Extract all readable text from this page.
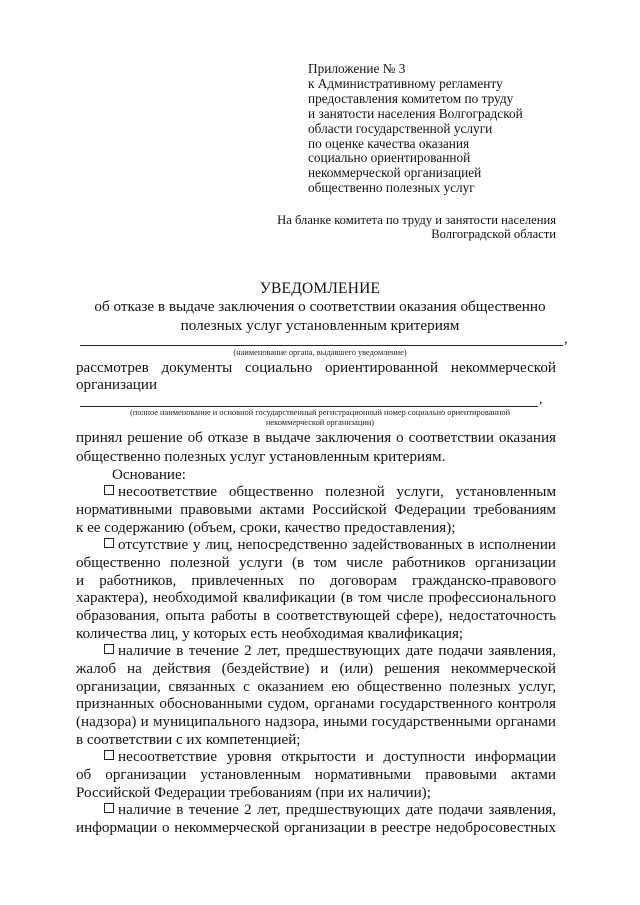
Приложение № 3
к Административному регламенту
предоставления комитетом по труду
и занятости населения Волгоградской
области государственной услуги
по оценке качества оказания
социально ориентированной
некоммерческой организацией
общественно полезных услуг
На бланке комитета по труду и занятости населения
Волгоградской области
УВЕДОМЛЕНИЕ
об отказе в выдаче заключения о соответствии оказания общественно
полезных услуг установленным критериям
,
(наименование органа, выдавшего уведомление)
рассмотрев документы социально ориентированной некоммерческой
организации
,
(полное наименование и основной государственный регистрационный номер социально ориентированной
некоммерческой организации)
принял решение об отказе в выдаче заключения о соответствии оказания
общественно полезных услуг установленным критериям.
Основание:
несоответствие общественно полезной услуги, установленным
нормативными правовыми актами Российской Федерации требованиям
к ее содержанию (объем, сроки, качество предоставления);
отсутствие у лиц, непосредственно задействованных в исполнении
общественно полезной услуги (в том числе работников организации
и работников, привлеченных по договорам гражданско-правового
характера), необходимой квалификации (в том числе профессионального
образования, опыта работы в соответствующей сфере), недостаточность
количества лиц, у которых есть необходимая квалификация;
наличие в течение 2 лет, предшествующих дате подачи заявления,
жалоб на действия (бездействие) и (или) решения некоммерческой
организации, связанных с оказанием ею общественно полезных услуг,
признанных обоснованными судом, органами государственного контроля
(надзора) и муниципального надзора, иными государственными органами
в соответствии с их компетенцией;
несоответствие уровня открытости и доступности информации
об организации установленным нормативными правовыми актами
Российской Федерации требованиям (при их наличии);
наличие в течение 2 лет, предшествующих дате подачи заявления,
информации о некоммерческой организации в реестре недобросовестных
